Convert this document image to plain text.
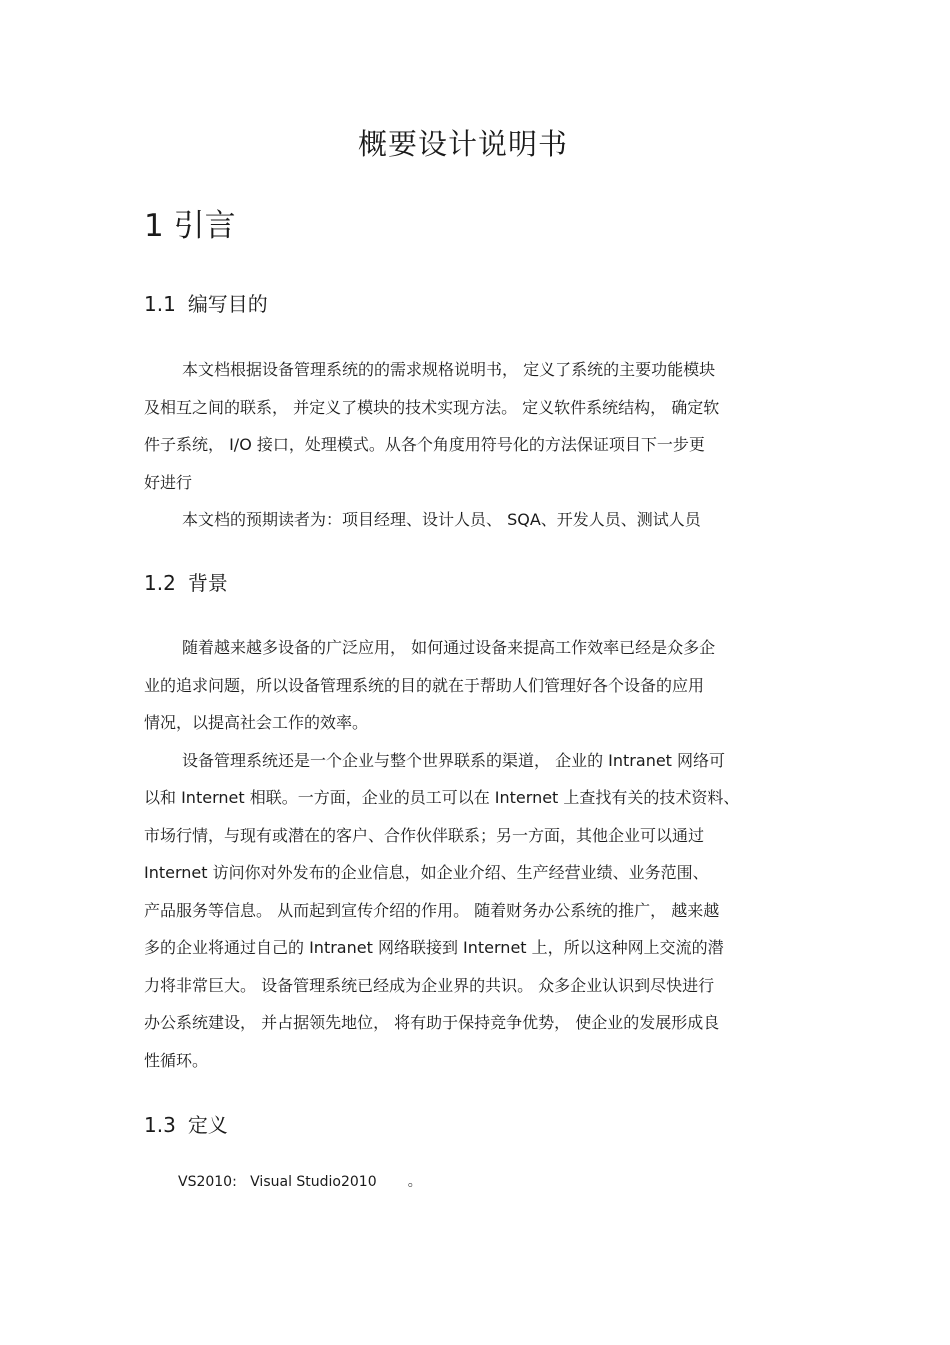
概要设计说明书
1 引言
1.1 编写目的
本文档根据设备管理系统的的需求规格说明书， 定义了系统的主要功能模块
及相互之间的联系， 并定义了模块的技术实现方法。 定义软件系统结构， 确定软
件子系统， I/O 接口，处理模式。从各个角度用符号化的方法保证项目下一步更
好进行
本文档的预期读者为：项目经理、设计人员、 SQA、开发人员、测试人员
1.2 背景
随着越来越多设备的广泛应用， 如何通过设备来提高工作效率已经是众多企
业的追求问题，所以设备管理系统的目的就在于帮助人们管理好各个设备的应用
情况，以提高社会工作的效率。
设备管理系统还是一个企业与整个世界联系的渠道， 企业的 Intranet 网络可
以和 Internet 相联。一方面，企业的员工可以在 Internet 上查找有关的技术资料、
市场行情，与现有或潜在的客户、合作伙伴联系；另一方面，其他企业可以通过
Internet 访问你对外发布的企业信息，如企业介绍、生产经营业绩、业务范围、
产品服务等信息。 从而起到宣传介绍的作用。 随着财务办公系统的推广， 越来越
多的企业将通过自己的 Intranet 网络联接到 Internet 上，所以这种网上交流的潜
力将非常巨大。 设备管理系统已经成为企业界的共识。 众多企业认识到尽快进行
办公系统建设， 并占据领先地位， 将有助于保持竞争优势， 使企业的发展形成良
性循环。
1.3 定义
VS2010:   Visual Studio2010       。
